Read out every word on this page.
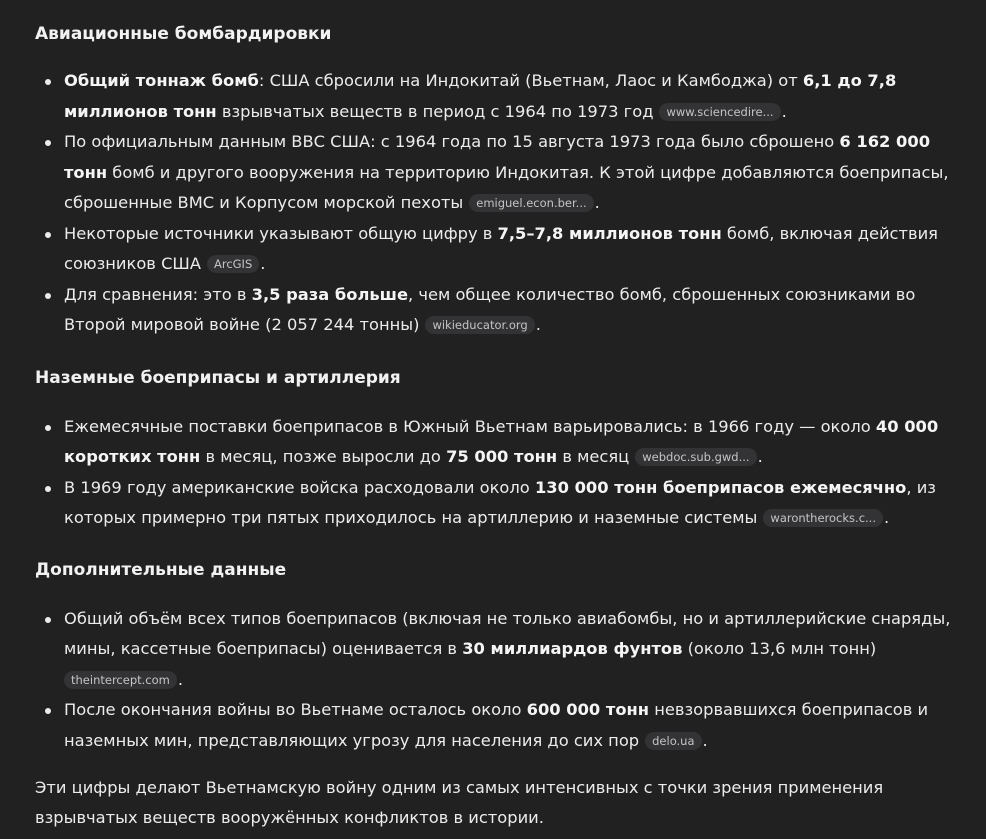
Авиационные бомбардировки
Общий тоннаж бомб: США сбросили на Индокитай (Вьетнам, Лаос и Камбоджа) от 6,1 до 7,8 миллионов тонн взрывчатых веществ в период с 1964 по 1973 год www.sciencedire... .
По официальным данным ВВС США: с 1964 года по 15 августа 1973 года было сброшено 6 162 000 тонн бомб и другого вооружения на территорию Индокитая. К этой цифре добавляются боеприпасы, сброшенные ВМС и Корпусом морской пехоты emiguel.econ.ber... .
Некоторые источники указывают общую цифру в 7,5–7,8 миллионов тонн бомб, включая действия союзников США ArcGIS .
Для сравнения: это в 3,5 раза больше, чем общее количество бомб, сброшенных союзниками во Второй мировой войне (2 057 244 тонны) wikieducator.org .
Наземные боеприпасы и артиллерия
Ежемесячные поставки боеприпасов в Южный Вьетнам варьировались: в 1966 году — около 40 000 коротких тонн в месяц, позже выросли до 75 000 тонн в месяц webdoc.sub.gwd... .
В 1969 году американские войска расходовали около 130 000 тонн боеприпасов ежемесячно, из которых примерно три пятых приходилось на артиллерию и наземные системы warontherocks.c... .
Дополнительные данные
Общий объём всех типов боеприпасов (включая не только авиабомбы, но и артиллерийские снаряды, мины, кассетные боеприпасы) оценивается в 30 миллиардов фунтов (около 13,6 млн тонн) theintercept.com .
После окончания войны во Вьетнаме осталось около 600 000 тонн невзорвавшихся боеприпасов и наземных мин, представляющих угрозу для населения до сих пор delo.ua .

Эти цифры делают Вьетнамскую войну одним из самых интенсивных с точки зрения применения взрывчатых веществ вооружённых конфликтов в истории.
